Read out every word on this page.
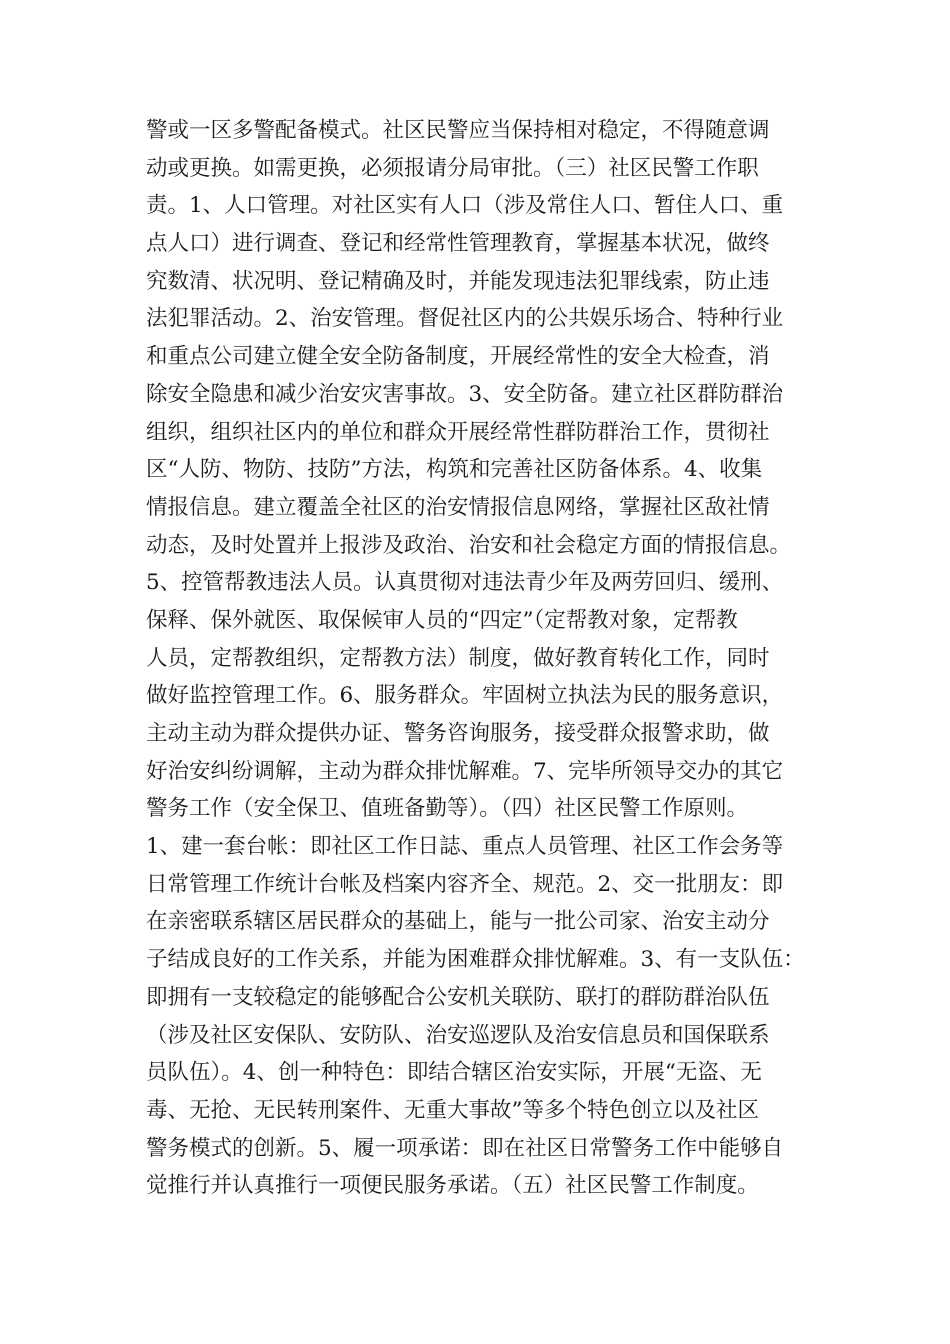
警或一区多警配备模式。社区民警应当保持相对稳定，不得随意调
动或更换。如需更换，必须报请分局审批。（三）社区民警工作职
责。1、人口管理。对社区实有人口（涉及常住人口、暂住人口、重
点人口）进行调查、登记和经常性管理教育，掌握基本状况，做终
究数清、状况明、登记精确及时，并能发现违法犯罪线索，防止违
法犯罪活动。2、治安管理。督促社区内的公共娱乐场合、特种行业
和重点公司建立健全安全防备制度，开展经常性的安全大检查，消
除安全隐患和减少治安灾害事故。3、安全防备。建立社区群防群治
组织，组织社区内的单位和群众开展经常性群防群治工作，贯彻社
区“人防、物防、技防”方法，构筑和完善社区防备体系。4、收集
情报信息。建立覆盖全社区的治安情报信息网络，掌握社区敌社情
动态，及时处置并上报涉及政治、治安和社会稳定方面的情报信息。
5、控管帮教违法人员。认真贯彻对违法青少年及两劳回归、缓刑、
保释、保外就医、取保候审人员的“四定”（定帮教对象，定帮教
人员，定帮教组织，定帮教方法）制度，做好教育转化工作，同时
做好监控管理工作。6、服务群众。牢固树立执法为民的服务意识，
主动主动为群众提供办证、警务咨询服务，接受群众报警求助，做
好治安纠纷调解，主动为群众排忧解难。7、完毕所领导交办的其它
警务工作（安全保卫、值班备勤等）。（四）社区民警工作原则。
1、建一套台帐：即社区工作日誌、重点人员管理、社区工作会务等
日常管理工作统计台帐及档案内容齐全、规范。2、交一批朋友：即
在亲密联系辖区居民群众的基础上，能与一批公司家、治安主动分
子结成良好的工作关系，并能为困难群众排忧解难。3、有一支队伍：
即拥有一支较稳定的能够配合公安机关联防、联打的群防群治队伍
（涉及社区安保队、安防队、治安巡逻队及治安信息员和国保联系
员队伍）。4、创一种特色：即结合辖区治安实际，开展“无盗、无
毒、无抢、无民转刑案件、无重大事故”等多个特色创立以及社区
警务模式的创新。5、履一项承诺：即在社区日常警务工作中能够自
觉推行并认真推行一项便民服务承诺。（五）社区民警工作制度。
